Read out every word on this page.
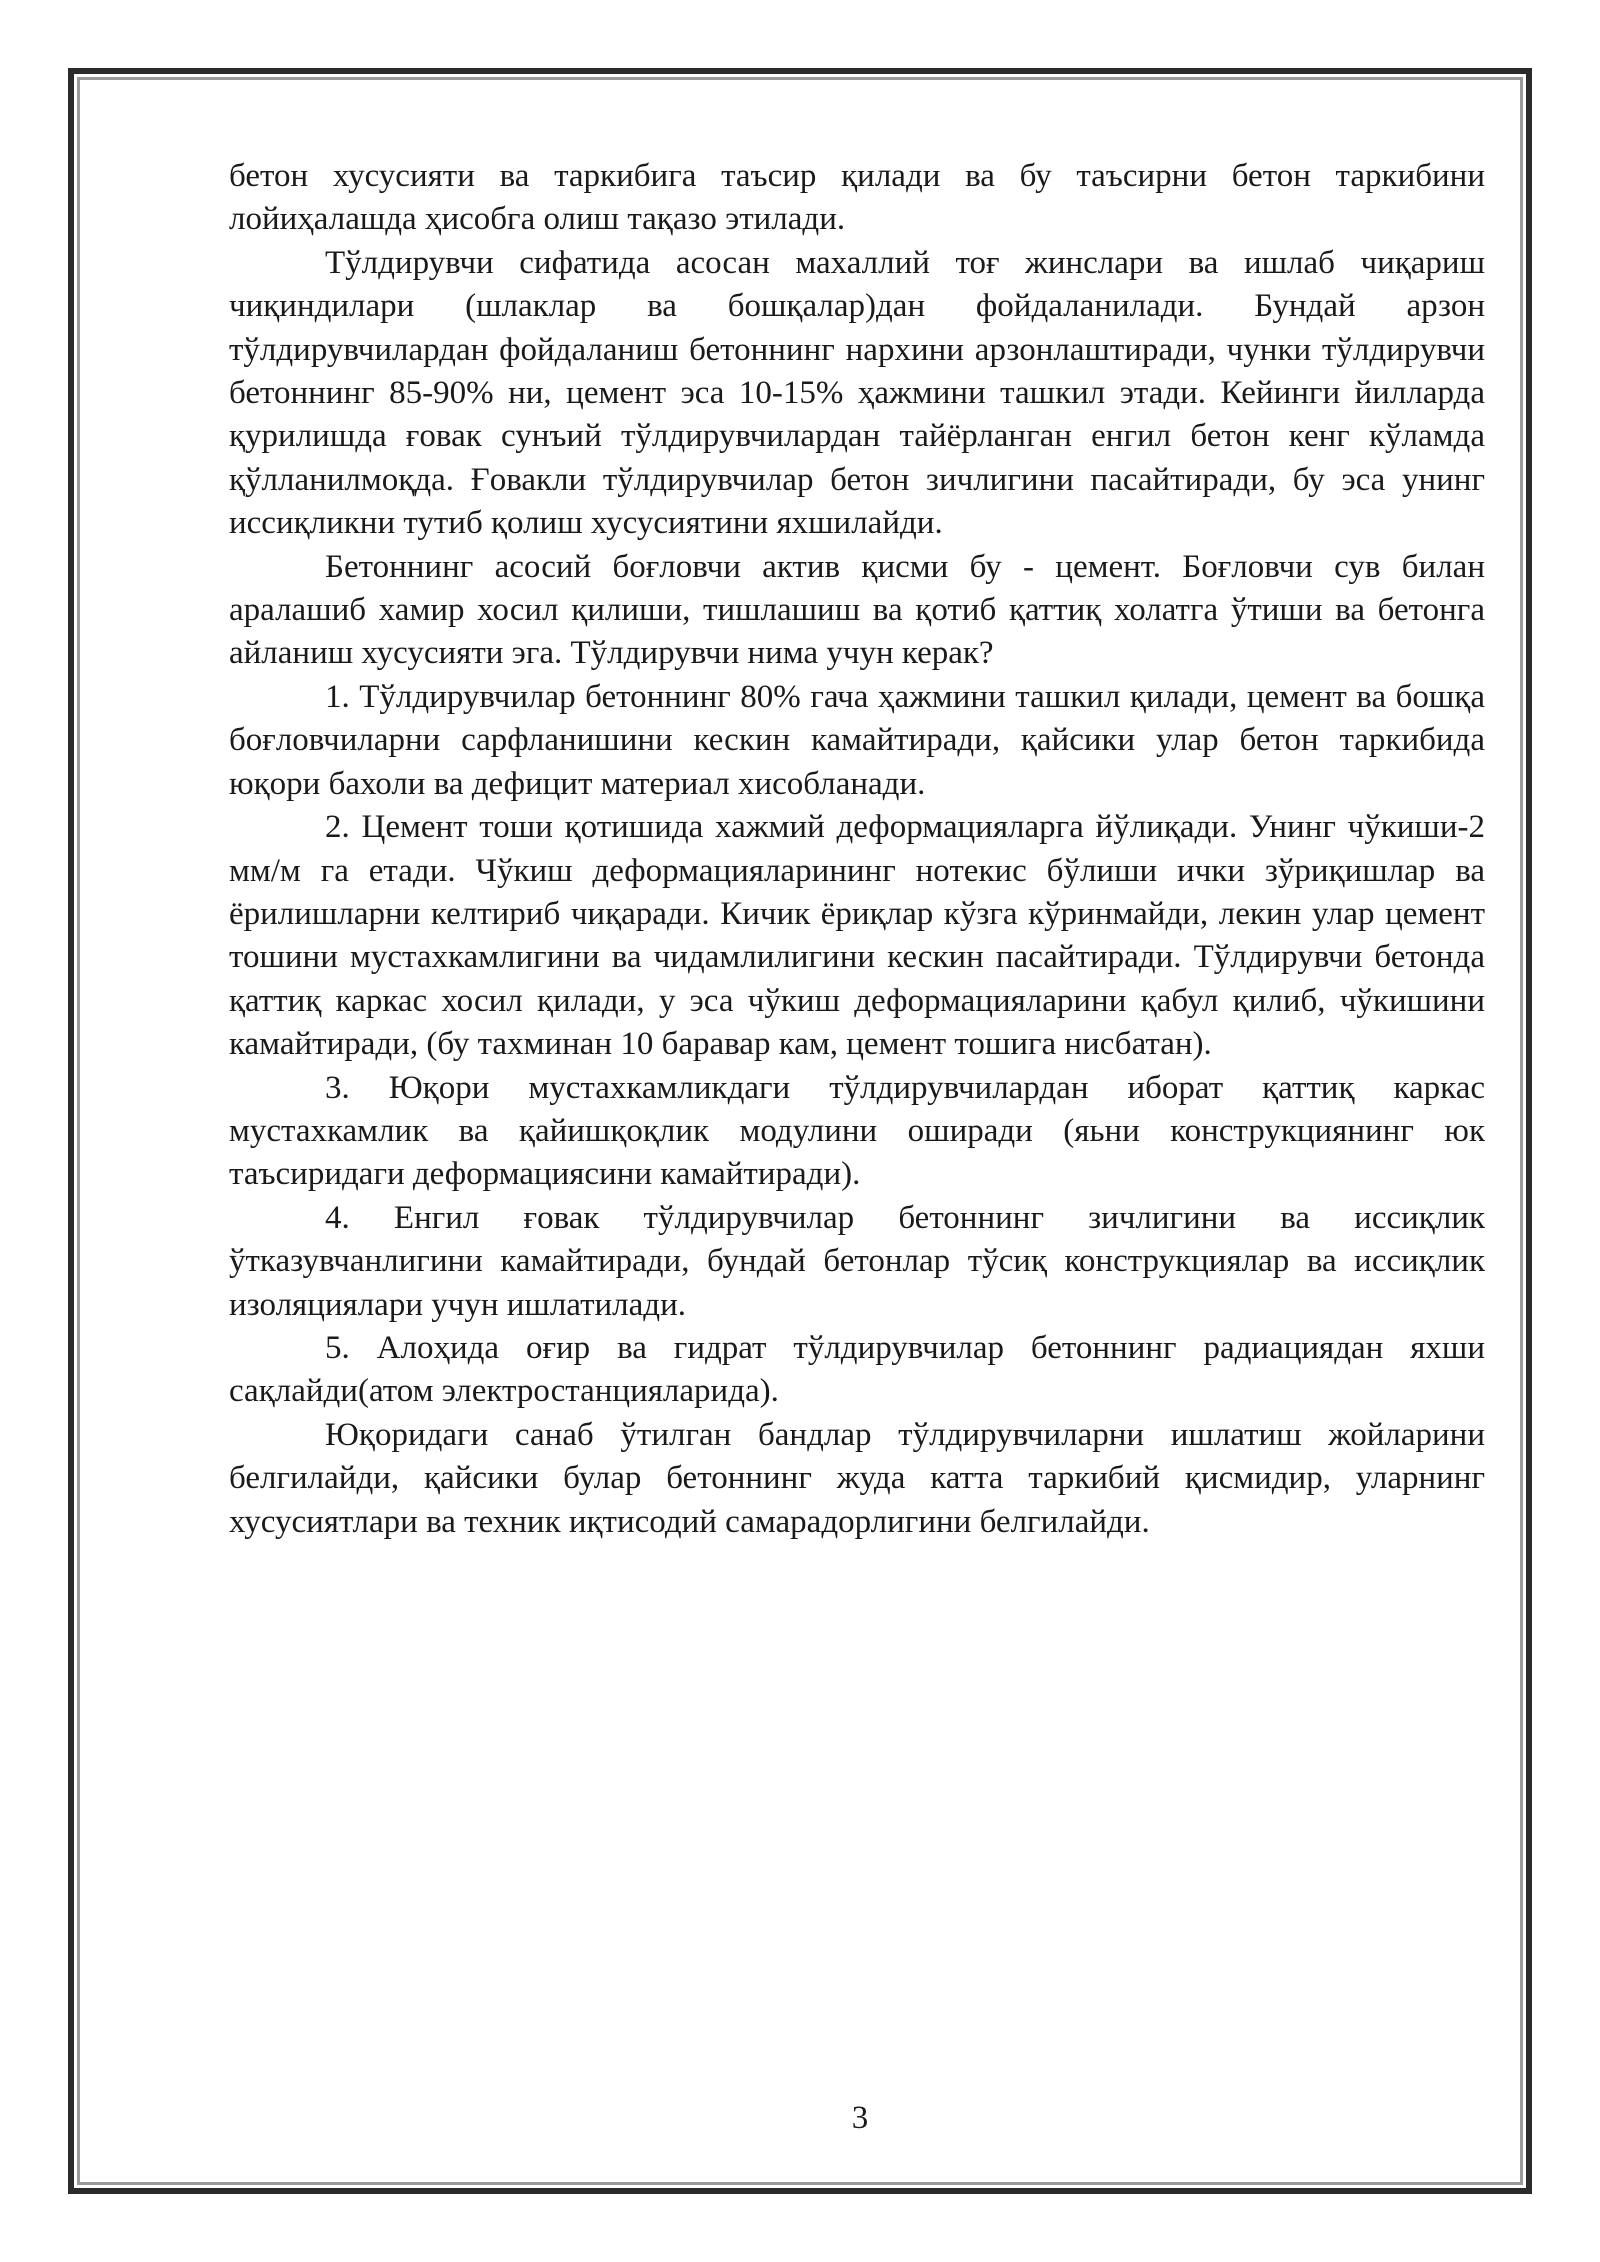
бетон хусусияти ва таркибига таъсир қилади ва бу таъсирни бетон таркибини лойиҳалашда ҳисобга олиш тақазо этилади.

Тўлдирувчи сифатида асосан махаллий тоғ жинслари ва ишлаб чиқариш чиқиндилари (шлаклар ва бошқалар)дан фойдаланилади. Бундай арзон тўлдирувчилардан фойдаланиш бетоннинг нархини арзонлаштиради, чунки тўлдирувчи бетоннинг 85-90% ни, цемент эса 10-15% ҳажмини ташкил этади. Кейинги йилларда қурилишда ғовак сунъий тўлдирувчилардан тайёрланган енгил бетон кенг кўламда қўлланилмоқда. Ғовакли тўлдирувчилар бетон зичлигини пасайтиради, бу эса унинг иссиқликни тутиб қолиш хусусиятини яхшилайди.

Бетоннинг асосий боғловчи актив қисми бу - цемент. Боғловчи сув билан аралашиб хамир хосил қилиши, тишлашиш ва қотиб қаттиқ холатга ўтиши ва бетонга айланиш хусусияти эга. Тўлдирувчи нима учун керак?

1. Тўлдирувчилар бетоннинг 80% гача ҳажмини ташкил қилади, цемент ва бошқа боғловчиларни сарфланишини кескин камайтиради, қайсики улар бетон таркибида юқори бахоли ва дефицит материал хисобланади.

2. Цемент тоши қотишида хажмий деформацияларга йўлиқади. Унинг чўкиши-2 мм/м га етади. Чўкиш деформацияларининг нотекис бўлиши ички зўриқишлар ва ёрилишларни келтириб чиқаради. Кичик ёриқлар кўзга кўринмайди, лекин улар цемент тошини мустахкамлигини ва чидамлилигини кескин пасайтиради. Тўлдирувчи бетонда қаттиқ каркас хосил қилади, у эса чўкиш деформацияларини қабул қилиб, чўкишини камайтиради, (бу тахминан 10 баравар кам, цемент тошига нисбатан).

3. Юқори мустахкамликдаги тўлдирувчилардан иборат қаттиқ каркас мустахкамлик ва қайишқоқлик модулини оширади (яьни конструкциянинг юк таъсиридаги деформациясини камайтиради).

4. Енгил ғовак тўлдирувчилар бетоннинг зичлигини ва иссиқлик ўтказувчанлигини камайтиради, бундай бетонлар тўсиқ конструкциялар ва иссиқлик изоляциялари учун ишлатилади.

5. Алоҳида оғир ва гидрат тўлдирувчилар бетоннинг радиациядан яхши сақлайди(атом электростанцияларида).

Юқоридаги санаб ўтилган бандлар тўлдирувчиларни ишлатиш жойларини белгилайди, қайсики булар бетоннинг жуда катта таркибий қисмидир, уларнинг хусусиятлари ва техник иқтисодий самарадорлигини белгилайди.

3
